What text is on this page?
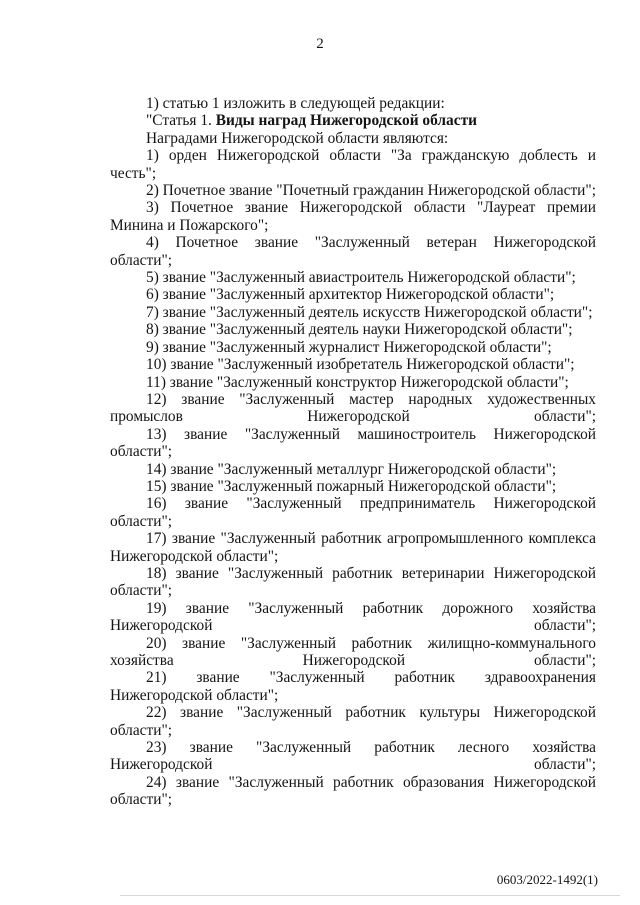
2

1) статью 1 изложить в следующей редакции:

"Статья 1. Виды наград Нижегородской области

Наградами Нижегородской области являются:

1) орден Нижегородской области "За гражданскую доблесть и честь";

2) Почетное звание "Почетный гражданин Нижегородской области";

3) Почетное звание Нижегородской области "Лауреат премии Минина и Пожарского";

4) Почетное звание "Заслуженный ветеран Нижегородской области";

5) звание "Заслуженный авиастроитель Нижегородской области";

6) звание "Заслуженный архитектор Нижегородской области";

7) звание "Заслуженный деятель искусств Нижегородской области";

8) звание "Заслуженный деятель науки Нижегородской области";

9) звание "Заслуженный журналист Нижегородской области";

10) звание "Заслуженный изобретатель Нижегородской области";

11) звание "Заслуженный конструктор Нижегородской области";

12) звание "Заслуженный мастер народных художественных промыслов Нижегородской области";

13) звание "Заслуженный машиностроитель Нижегородской области";

14) звание "Заслуженный металлург Нижегородской области";

15) звание "Заслуженный пожарный Нижегородской области";

16) звание "Заслуженный предприниматель Нижегородской области";

17) звание "Заслуженный работник агропромышленного комплекса Нижегородской области";

18) звание "Заслуженный работник ветеринарии Нижегородской области";

19) звание "Заслуженный работник дорожного хозяйства Нижегородской области";

20) звание "Заслуженный работник жилищно-коммунального хозяйства Нижегородской области";

21) звание "Заслуженный работник здравоохранения Нижегородской области";

22) звание "Заслуженный работник культуры Нижегородской области";

23) звание "Заслуженный работник лесного хозяйства Нижегородской области";

24) звание "Заслуженный работник образования Нижегородской области";

0603/2022-1492(1)
